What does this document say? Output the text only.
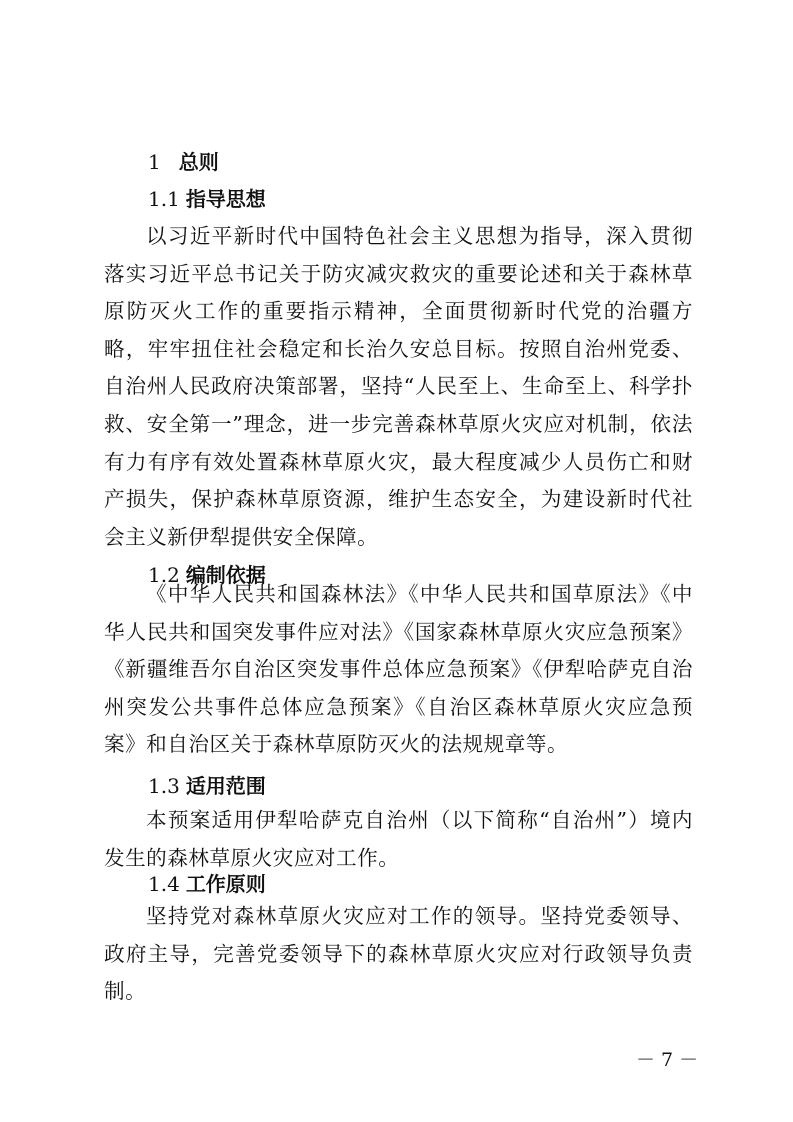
1 总则
1.1 指导思想
以习近平新时代中国特色社会主义思想为指导，深入贯彻落实习近平总书记关于防灾减灾救灾的重要论述和关于森林草原防灭火工作的重要指示精神，全面贯彻新时代党的治疆方略，牢牢扭住社会稳定和长治久安总目标。按照自治州党委、自治州人民政府决策部署，坚持“人民至上、生命至上、科学扑救、安全第一”理念，进一步完善森林草原火灾应对机制，依法有力有序有效处置森林草原火灾，最大程度减少人员伤亡和财产损失，保护森林草原资源，维护生态安全，为建设新时代社会主义新伊犁提供安全保障。
1.2 编制依据
《中华人民共和国森林法》《中华人民共和国草原法》《中华人民共和国突发事件应对法》《国家森林草原火灾应急预案》《新疆维吾尔自治区突发事件总体应急预案》《伊犁哈萨克自治州突发公共事件总体应急预案》《自治区森林草原火灾应急预案》和自治区关于森林草原防灭火的法规规章等。
1.3 适用范围
本预案适用伊犁哈萨克自治州（以下简称“自治州”）境内发生的森林草原火灾应对工作。
1.4 工作原则
坚持党对森林草原火灾应对工作的领导。坚持党委领导、政府主导，完善党委领导下的森林草原火灾应对行政领导负责制。
－ 7 －
